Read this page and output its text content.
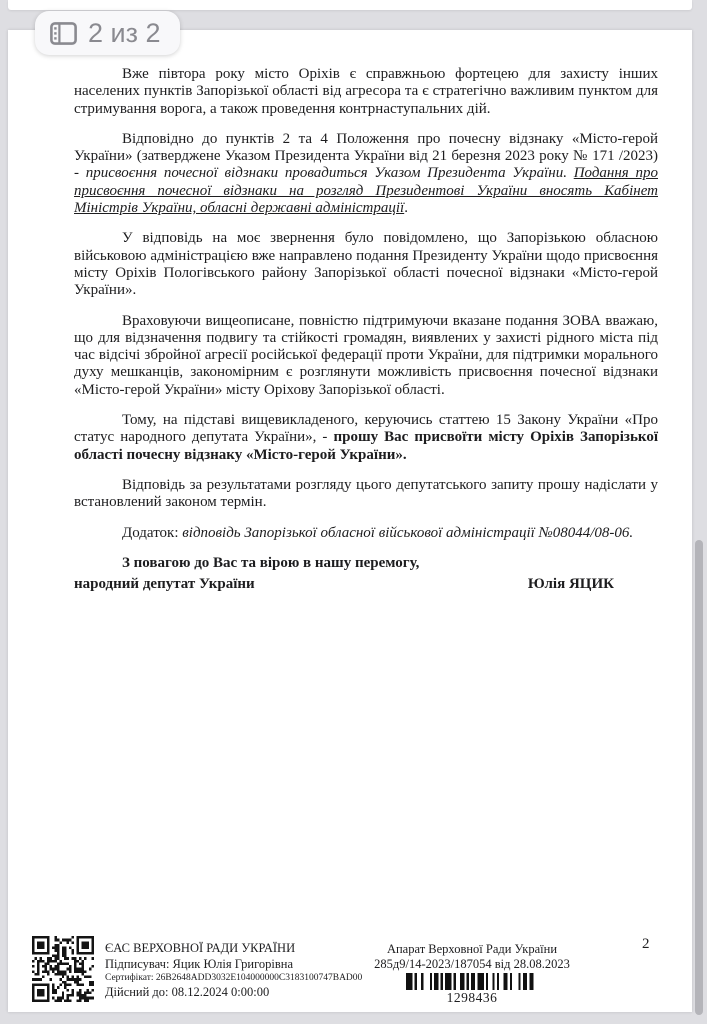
Вже півтора року місто Оріхів є справжньою фортецею для захисту інших населених пунктів Запорізької області від агресора та є стратегічно важливим пунктом для стримування ворога, а також проведення контрнаступальних дій.

Відповідно до пунктів 2 та 4 Положення про почесну відзнаку «Місто-герой України» (затверджене Указом Президента України від 21 березня 2023 року № 171 /2023) - присвоєння почесної відзнаки провадиться Указом Президента України. Подання про присвоєння почесної відзнаки на розгляд Президентові України вносять Кабінет Міністрів України, обласні державні адміністрації.

У відповідь на моє звернення було повідомлено, що Запорізькою обласною військовою адміністрацією вже направлено подання Президенту України щодо присвоєння місту Оріхів Пологівського району Запорізької області почесної відзнаки «Місто-герой України».

Враховуючи вищеописане, повністю підтримуючи вказане подання ЗОВА вважаю, що для відзначення подвигу та стійкості громадян, виявлених у захисті рідного міста під час відсічі збройної агресії російської федерації проти України, для підтримки морального духу мешканців, закономірним є розглянути можливість присвоєння почесної відзнаки «Місто-герой України» місту Оріхову Запорізької області.

Тому, на підставі вищевикладеного, керуючись статтею 15 Закону України «Про статус народного депутата України», - прошу Вас присвоїти місту Оріхів Запорізької області почесну відзнаку «Місто-герой України».

Відповідь за результатами розгляду цього депутатського запиту прошу надіслати у встановлений законом термін.

Додаток: відповідь Запорізької обласної військової адміністрації №08044/08-06.

З повагою до Вас та вірою в нашу перемогу,
народний депутат України	Юлія ЯЦИК
ЄАС ВЕРХОВНОЇ РАДИ УКРАЇНИ
Підписувач: Яцик Юлія Григорівна
Сертифікат: 26B2648ADD3032E104000000C3183100747BAD00
Дійсний до: 08.12.2024 0:00:00
Апарат Верховної Ради України
285д9/14-2023/187054 від 28.08.2023
1298436
2
2 из 2
